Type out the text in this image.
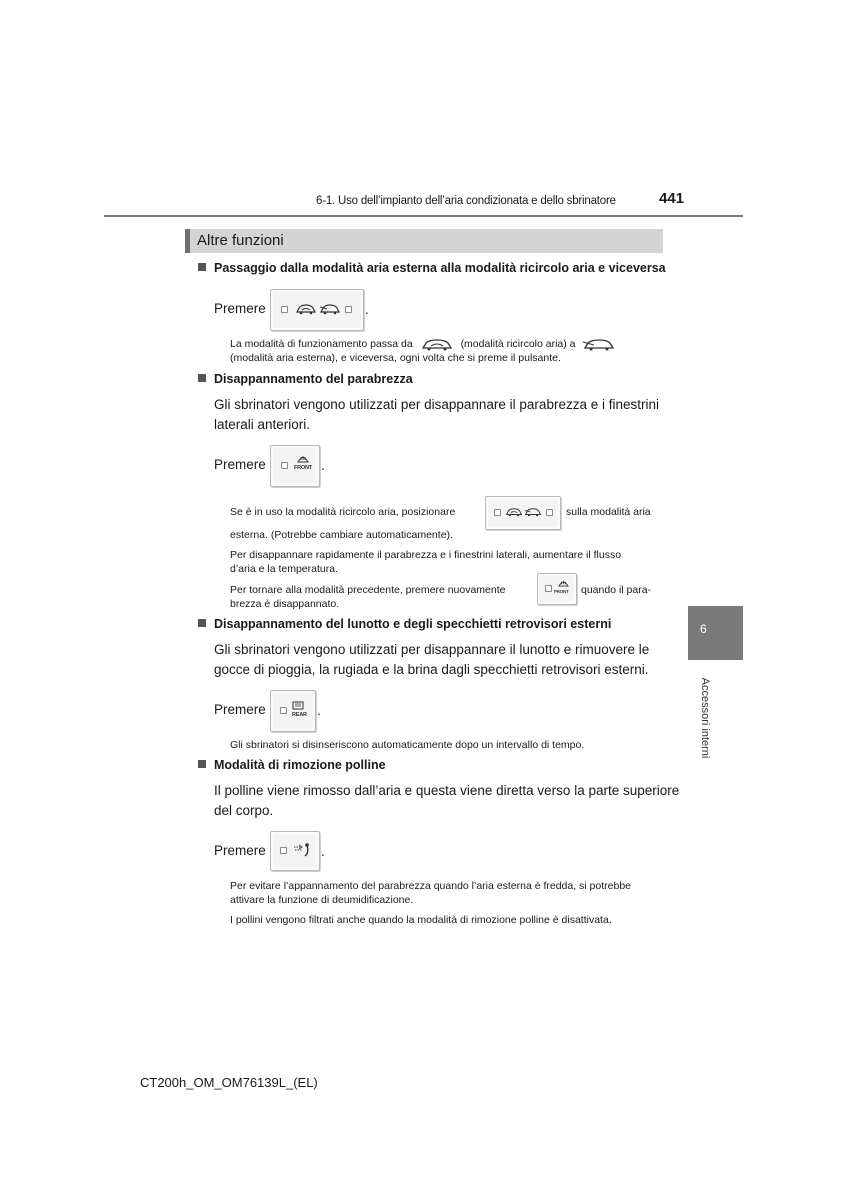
6-1. Uso dell’impianto dell’aria condizionata e dello sbrinatore	441
Altre funzioni
Passaggio dalla modalità aria esterna alla modalità ricircolo aria e viceversa
Premere	.
La modalità di funzionamento passa da	(modalità ricircolo aria) a
(modalità aria esterna), e viceversa, ogni volta che si preme il pulsante.
Disappannamento del parabrezza
Gli sbrinatori vengono utilizzati per disappannare il parabrezza e i finestrini
laterali anteriori.
Premere	FRONT .
Se è in uso la modalità ricircolo aria, posizionare	sulla modalità aria
esterna. (Potrebbe cambiare automaticamente).
Per disappannare rapidamente il parabrezza e i finestrini laterali, aumentare il flusso
d’aria e la temperatura.
Per tornare alla modalità precedente, premere nuovamente	FRONT quando il para-
brezza è disappannato.
Disappannamento del lunotto e degli specchietti retrovisori esterni
Gli sbrinatori vengono utilizzati per disappannare il lunotto e rimuovere le
gocce di pioggia, la rugiada e la brina dagli specchietti retrovisori esterni.
Premere	REAR .
Gli sbrinatori si disinseriscono automaticamente dopo un intervallo di tempo.
Modalità di rimozione polline
Il polline viene rimosso dall’aria e questa viene diretta verso la parte superiore
del corpo.
Premere	.
Per evitare l’appannamento del parabrezza quando l’aria esterna è fredda, si potrebbe
attivare la funzione di deumidificazione.
I pollini vengono filtrati anche quando la modalità di rimozione polline è disattivata.
6
Accessori interni
CT200h_OM_OM76139L_(EL)
